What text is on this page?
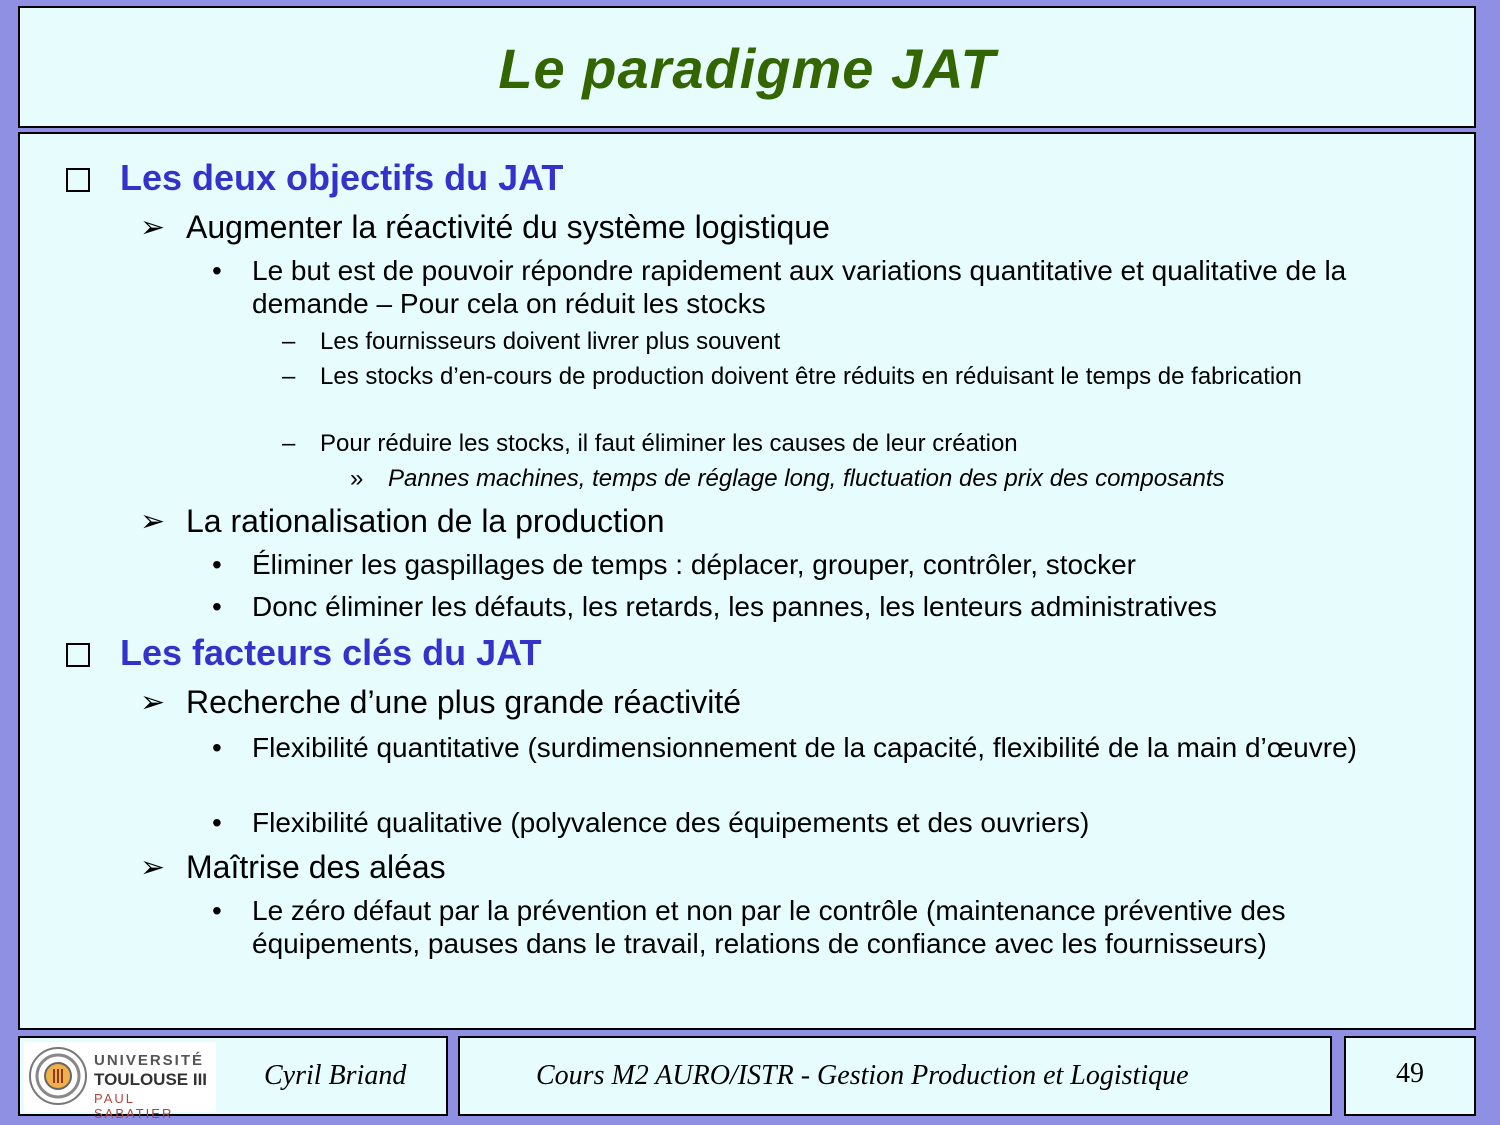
Le paradigme JAT
Les deux objectifs du JAT
➢ Augmenter la réactivité du système logistique
• Le but est de pouvoir répondre rapidement aux variations quantitative et qualitative de la demande – Pour cela on réduit les stocks
– Les fournisseurs doivent livrer plus souvent
– Les stocks d’en-cours de production doivent être réduits en réduisant le temps de fabrication
– Pour réduire les stocks, il faut éliminer les causes de leur création
» Pannes machines, temps de réglage long, fluctuation des prix des composants
➢ La rationalisation de la production
• Éliminer les gaspillages de temps : déplacer, grouper, contrôler, stocker
• Donc éliminer les défauts, les retards, les pannes, les lenteurs administratives
Les facteurs clés du JAT
➢ Recherche d’une plus grande réactivité
• Flexibilité quantitative (surdimensionnement de la capacité, flexibilité de la main d’œuvre)
• Flexibilité qualitative (polyvalence des équipements et des ouvriers)
➢ Maîtrise des aléas
• Le zéro défaut par la prévention et non par le contrôle (maintenance préventive des équipements, pauses dans le travail, relations de confiance avec les fournisseurs)
UNIVERSITÉ
TOULOUSE III
PAUL SABATIER
Cyril Briand	Cours M2 AURO/ISTR - Gestion Production et Logistique	49
